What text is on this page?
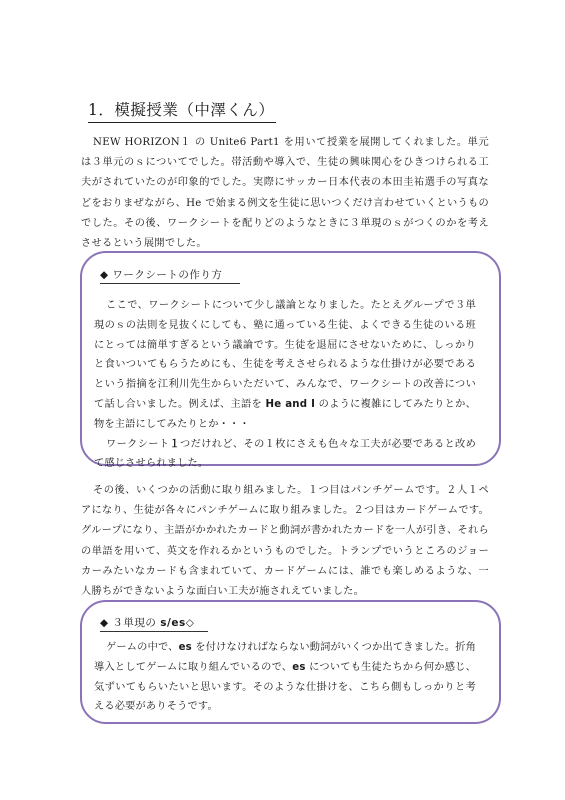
1．模擬授業（中澤くん）
NEW HORIZON１ の Unite6 Part1 を用いて授業を展開してくれました。単元は３単元のｓについてでした。帯活動や導入で、生徒の興味関心をひきつけられる工夫がされていたのが印象的でした。実際にサッカー日本代表の本田圭祐選手の写真などをおりまぜながら、He で始まる例文を生徒に思いつくだけ言わせていくというものでした。その後、ワークシートを配りどのようなときに３単現のｓがつくのかを考えさせるという展開でした。
◆ ワークシートの作り方

ここで、ワークシートについて少し議論となりました。たとえグループで３単現のｓの法則を見抜くにしても、塾に通っている生徒、よくできる生徒のいる班にとっては簡単すぎるという議論です。生徒を退屈にさせないために、しっかりと食いついてもらうためにも、生徒を考えさせられるような仕掛けが必要であるという指摘を江利川先生からいただいて、みんなで、ワークシートの改善について話し合いました。例えば、主語を He and I のように複雑にしてみたりとか、物を主語にしてみたりとか・・・

ワークシート１つだけれど、その１枚にさえも色々な工夫が必要であると改めて感じさせられました。

その後、いくつかの活動に取り組みました。１つ目はパンチゲームです。２人１ペアになり、生徒が各々にパンチゲームに取り組みました。２つ目はカードゲームです。グループになり、主語がかかれたカードと動詞が書かれたカードを一人が引き、それらの単語を用いて、英文を作れるかというものでした。トランプでいうところのジョーカーみたいなカードも含まれていて、カードゲームには、誰でも楽しめるような、一人勝ちができないような面白い工夫が施されえていました。
◆ ３単現の s/es◇

ゲームの中で、es を付けなければならない動詞がいくつか出てきました。折角導入としてゲームに取り組んでいるので、es についても生徒たちから何か感じ、気ずいてもらいたいと思います。そのような仕掛けを、こちら側もしっかりと考える必要がありそうです。
